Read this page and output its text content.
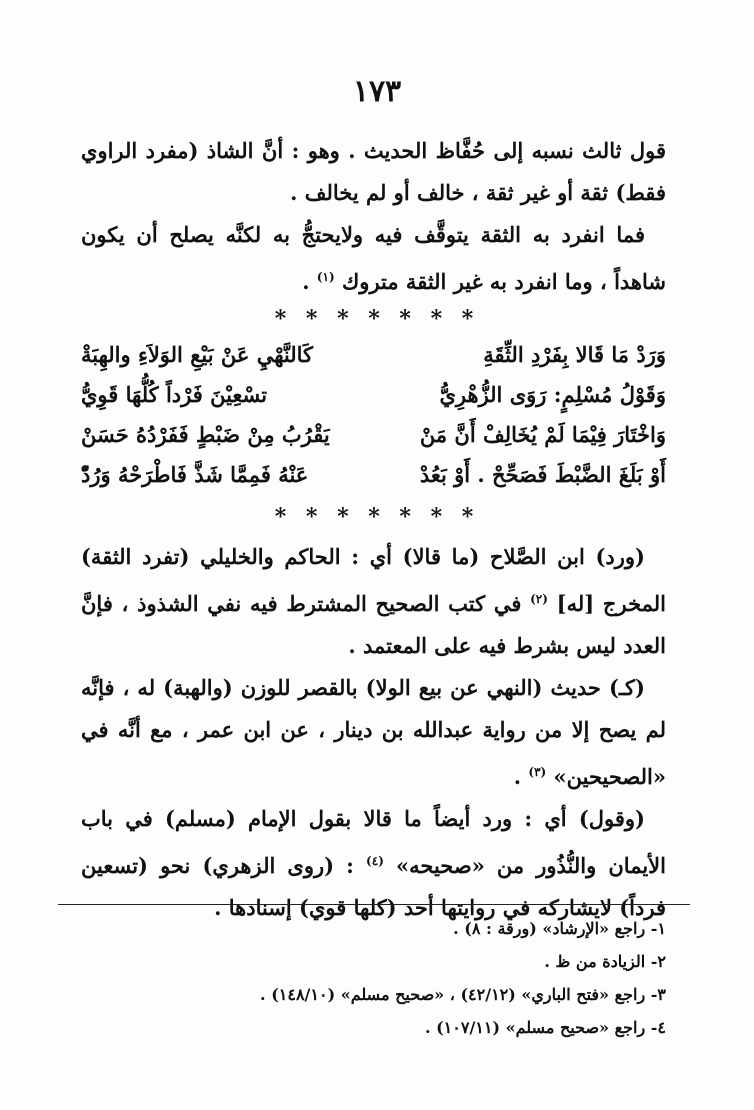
١٧٣

قول ثالث نسبه إلى حُفَّاظ الحديث . وهو : أنَّ الشاذ (مفرد الراوي فقط) ثقة أو غير ثقة ، خالف أو لم يخالف .

 فما انفرد به الثقة يتوقَّف فيه ولايحتجُّ به لكنَّه يصلح أن يكون شاهداً ، وما انفرد به غير الثقة متروك $^{(١)}$ .

* * * * * * *
وَرَدْ مَا قَالا بِفَرْدِ الثِّقَةِ
كَالنَّهْيِ عَنْ بَيْعِ الوَلاَءِ والهِبَةْ
وَقَوْلُ مُسْلِمٍ: رَوَى الزُّهْرِيُّ
تسْعِيْنَ فَرْداً كُلُّهَا قَوِيُّ
وَاخْتَارَ فِيْمَا لَمْ يُخَالِفْ أَنَّ مَنْ
يَقْرُبُ مِنْ ضَبْطٍ فَفَرْدُهُ حَسَنْ
أَوْ بَلَغَ الضَّبْطَ فَصَحِّحْ . أَوْ بَعُدْ
عَنْهُ فَمِمَّا شَذَّ فَاطْرَحْهُ وَرُدّْ
* * * * * * *

 (ورد) ابن الصَّلاح (ما قالا) أي : الحاكم والخليلي (تفرد الثقة) المخرج [له] $^{(٢)}$ في كتب الصحيح المشترط فيه نفي الشذوذ ، فإنَّ العدد ليس بشرط فيه على المعتمد .

 (كـ) حديث (النهي عن بيع الولا) بالقصر للوزن (والهبة) له ، فإنَّه لم يصح إلا من رواية عبدالله بن دينار ، عن ابن عمر ، مع أنَّه في «الصحيحين» $^{(٣)}$ .

 (وقول) أي : ورد أيضاً ما قالا بقول الإمام (مسلم) في باب الأيمان والنُّذُور من «صحيحه» $^{(٤)}$ : (روى الزهري) نحو (تسعين فرداً) لايشاركه في روايتها أحد (كلها قوي) إسنادها .

١- راجع «الإرشاد» (ورقة : ٨) .

٢- الزيادة من ظ .

٣- راجع «فتح الباري» (٤٢/١٢) ، «صحيح مسلم» (١٤٨/١٠) .

٤- راجع «صحيح مسلم» (١٠٧/١١) .
